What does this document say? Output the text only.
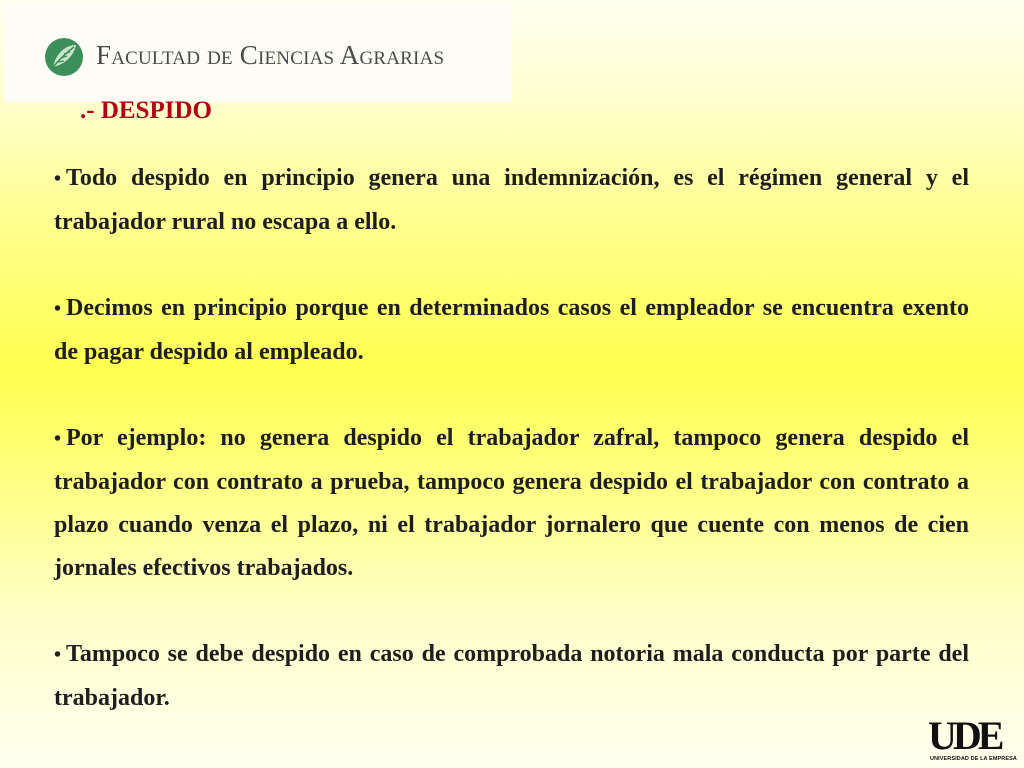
Facultad de Ciencias Agrarias
.- DESPIDO

• Todo despido en principio genera una indemnización, es el régimen general y el trabajador rural no escapa a ello.

• Decimos en principio porque en determinados casos el empleador se encuentra exento de pagar despido al empleado.

• Por ejemplo: no genera despido el trabajador zafral, tampoco genera despido el trabajador con contrato a prueba, tampoco genera despido el trabajador con contrato a plazo cuando venza el plazo, ni el trabajador jornalero que cuente con menos de cien jornales efectivos trabajados.

• Tampoco se debe despido en caso de comprobada notoria mala conducta por parte del trabajador.

UDE
UNIVERSIDAD DE LA EMPRESA
